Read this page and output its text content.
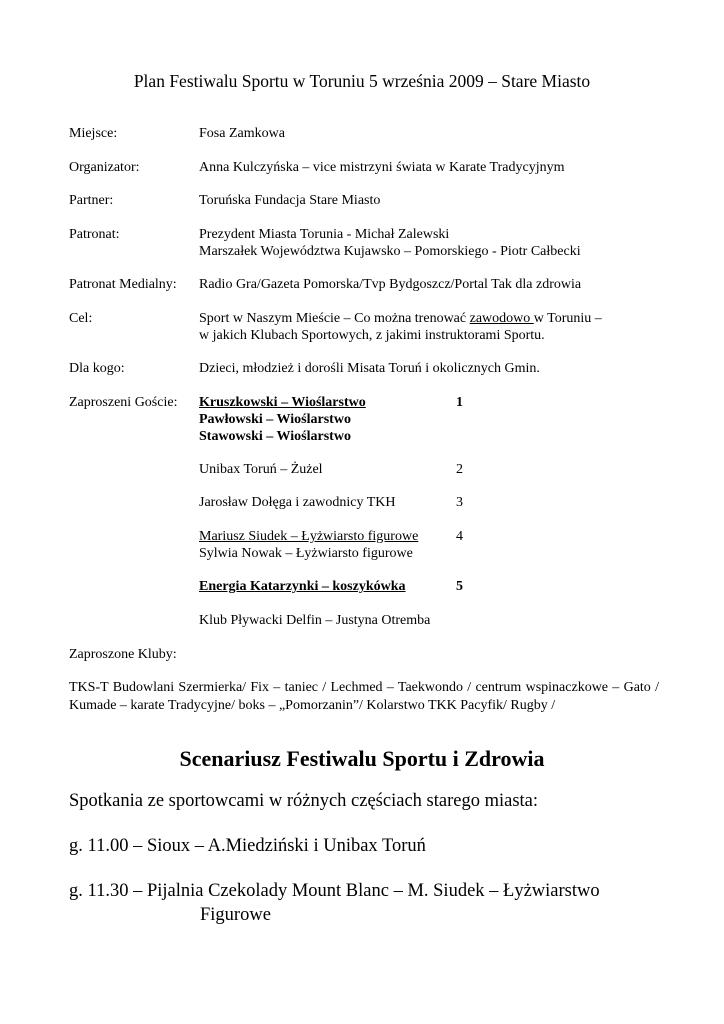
Plan Festiwalu Sportu w Toruniu 5 września 2009 – Stare Miasto
Miejsce:	Fosa Zamkowa
Organizator:	Anna Kulczyńska – vice mistrzyni świata w Karate Tradycyjnym
Partner:	Toruńska Fundacja Stare Miasto
Patronat:	Prezydent Miasta Torunia - Michał Zalewski
Marszałek Województwa Kujawsko – Pomorskiego - Piotr Całbecki
Patronat Medialny:	Radio Gra/Gazeta Pomorska/Tvp Bydgoszcz/Portal Tak dla zdrowia
Cel:	Sport w Naszym Mieście – Co można trenować zawodowo w Toruniu –
w jakich Klubach Sportowych, z jakimi instruktorami Sportu.
Dla kogo:	Dzieci, młodzież i dorośli Misata Toruń i okolicznych Gmin.
Zaproszeni Goście:	Kruszkowski – Wioślarstwo	1
Pawłowski – Wioślarstwo
Stawowski – Wioślarstwo
Unibax Toruń – Żużel	2
Jarosław Dołęga i zawodnicy TKH	3
Mariusz Siudek – Łyżwiarsto figurowe	4
Sylwia Nowak – Łyżwiarsto figurowe
Energia Katarzynki – koszykówka	5
Klub Pływacki Delfin – Justyna Otremba
Zaproszone Kluby:
TKS-T Budowlani Szermierka/ Fix – taniec / Lechmed – Taekwondo / centrum wspinaczkowe – Gato / Kumade – karate Tradycyjne/ boks – „Pomorzanin”/ Kolarstwo TKK Pacyfik/ Rugby /
Scenariusz Festiwalu Sportu i Zdrowia
Spotkania ze sportowcami w różnych częściach starego miasta:
g. 11.00 – Sioux – A.Miedziński i Unibax Toruń
g. 11.30 – Pijalnia Czekolady Mount Blanc – M. Siudek – Łyżwiarstwo
Figurowe
